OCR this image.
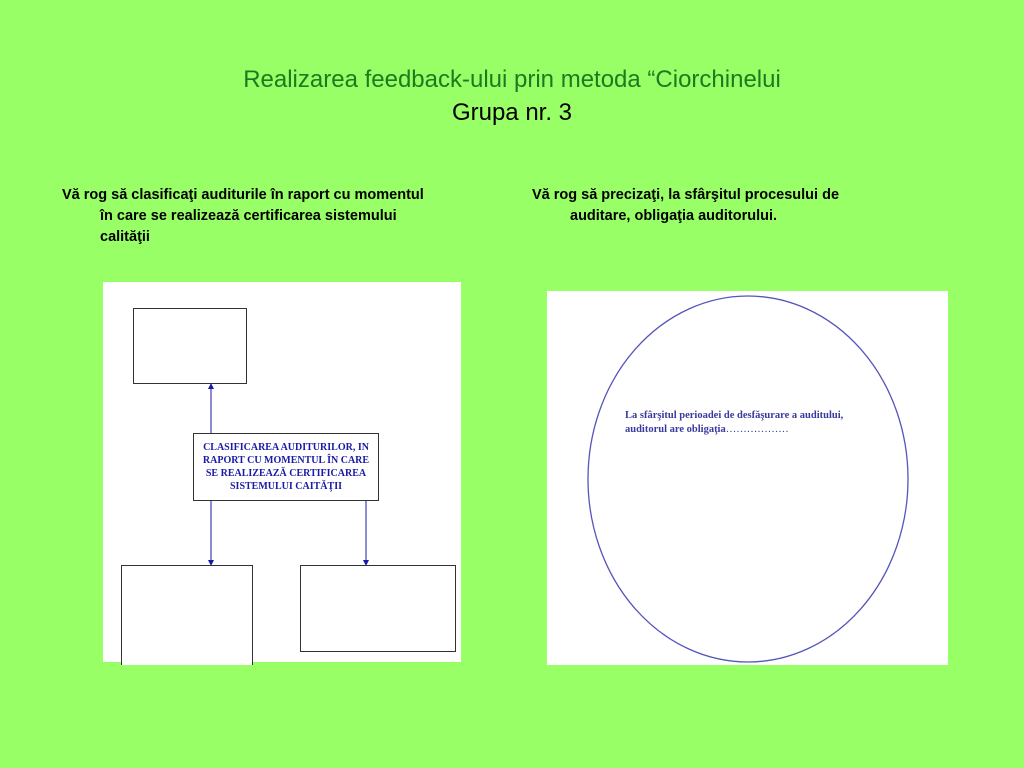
Realizarea feedback-ului prin metoda “Ciorchinelui
Grupa nr. 3
Vă rog să clasificaţi auditurile în raport cu momentul
în care se realizează certificarea sistemului
calităţii
Vă rog să precizaţi, la sfârşitul procesului de
auditare, obligaţia auditorului.
CLASIFICAREA AUDITURILOR, IN RAPORT CU MOMENTUL ÎN CARE SE REALIZEAZĂ CERTIFICAREA SISTEMULUI CAITĂŢII
La sfârşitul perioadei de desfăşurare a auditului, auditorul are obligaţia………………
